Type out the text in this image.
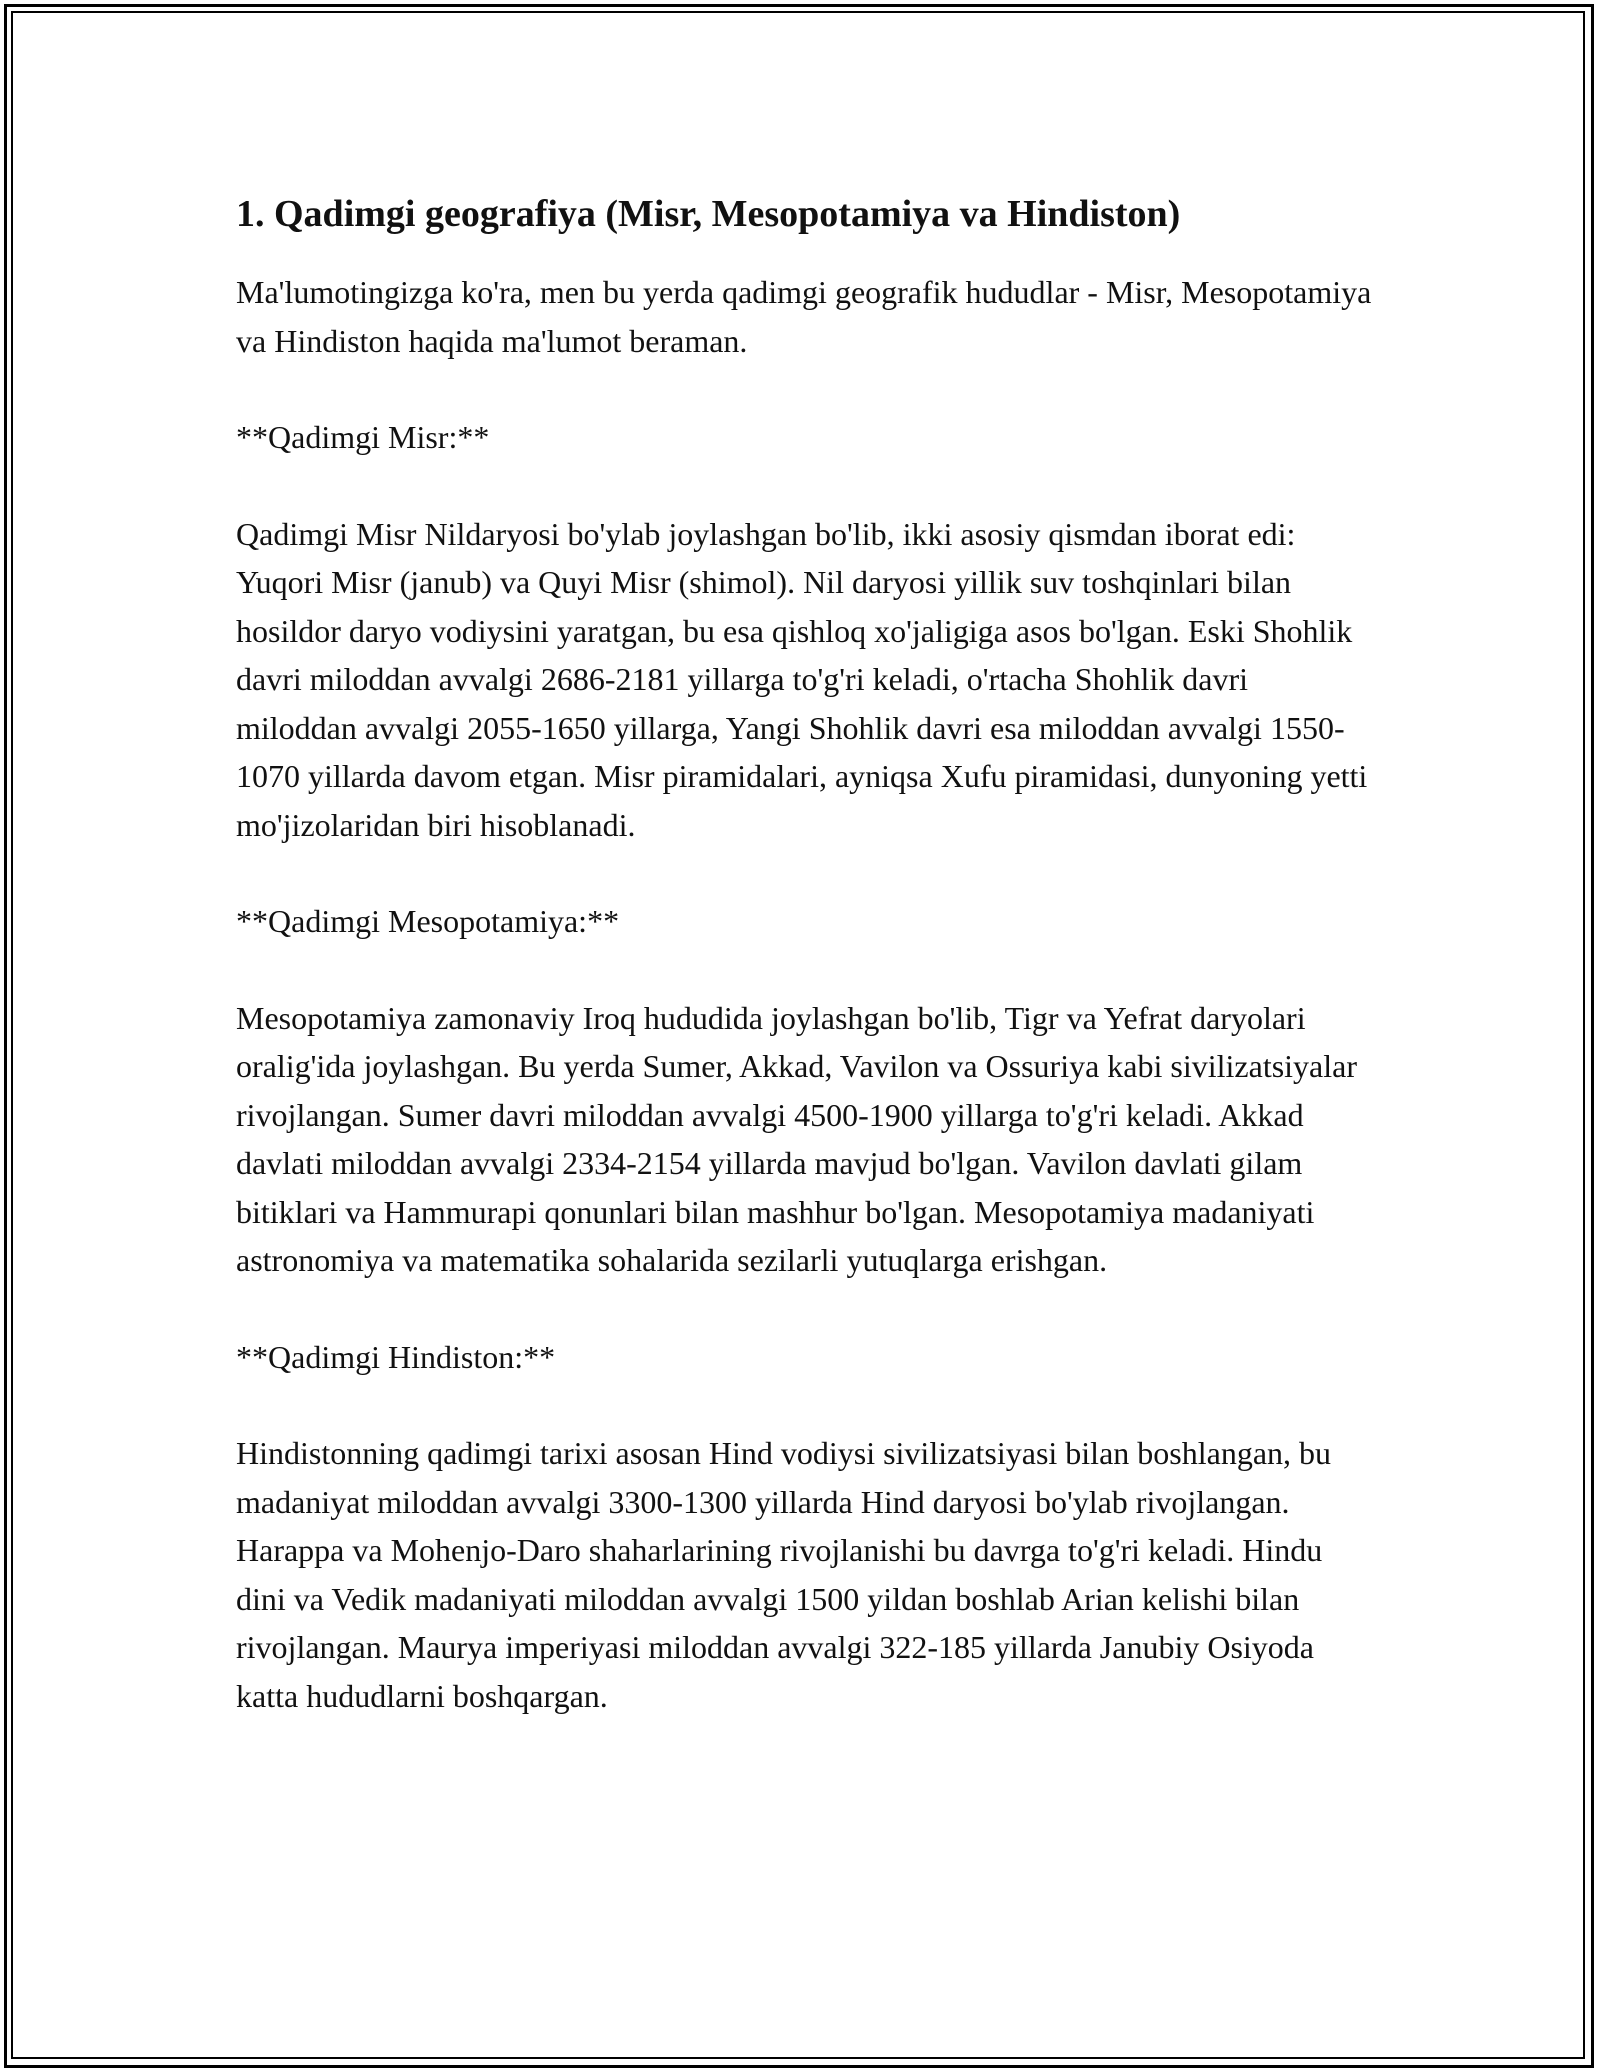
1. Qadimgi geografiya (Misr, Mesopotamiya va Hindiston)

Ma'lumotingizga ko'ra, men bu yerda qadimgi geografik hududlar - Misr, Mesopotamiya va Hindiston haqida ma'lumot beraman.

**Qadimgi Misr:**

Qadimgi Misr Nildaryosi bo'ylab joylashgan bo'lib, ikki asosiy qismdan iborat edi: Yuqori Misr (janub) va Quyi Misr (shimol). Nil daryosi yillik suv toshqinlari bilan hosildor daryo vodiysini yaratgan, bu esa qishloq xo'jaligiga asos bo'lgan. Eski Shohlik davri miloddan avvalgi 2686-2181 yillarga to'g'ri keladi, o'rtacha Shohlik davri miloddan avvalgi 2055-1650 yillarga, Yangi Shohlik davri esa miloddan avvalgi 1550-1070 yillarda davom etgan. Misr piramidalari, ayniqsa Xufu piramidasi, dunyoning yetti mo'jizolaridan biri hisoblanadi.

**Qadimgi Mesopotamiya:**

Mesopotamiya zamonaviy Iroq hududida joylashgan bo'lib, Tigr va Yefrat daryolari oralig'ida joylashgan. Bu yerda Sumer, Akkad, Vavilon va Ossuriya kabi sivilizatsiyalar rivojlangan. Sumer davri miloddan avvalgi 4500-1900 yillarga to'g'ri keladi. Akkad davlati miloddan avvalgi 2334-2154 yillarda mavjud bo'lgan. Vavilon davlati gilam bitiklari va Hammurapi qonunlari bilan mashhur bo'lgan. Mesopotamiya madaniyati astronomiya va matematika sohalarida sezilarli yutuqlarga erishgan.

**Qadimgi Hindiston:**

Hindistonning qadimgi tarixi asosan Hind vodiysi sivilizatsiyasi bilan boshlangan, bu madaniyat miloddan avvalgi 3300-1300 yillarda Hind daryosi bo'ylab rivojlangan. Harappa va Mohenjo-Daro shaharlarining rivojlanishi bu davrga to'g'ri keladi. Hindu dini va Vedik madaniyati miloddan avvalgi 1500 yildan boshlab Arian kelishi bilan rivojlangan. Maurya imperiyasi miloddan avvalgi 322-185 yillarda Janubiy Osiyoda katta hududlarni boshqargan.
